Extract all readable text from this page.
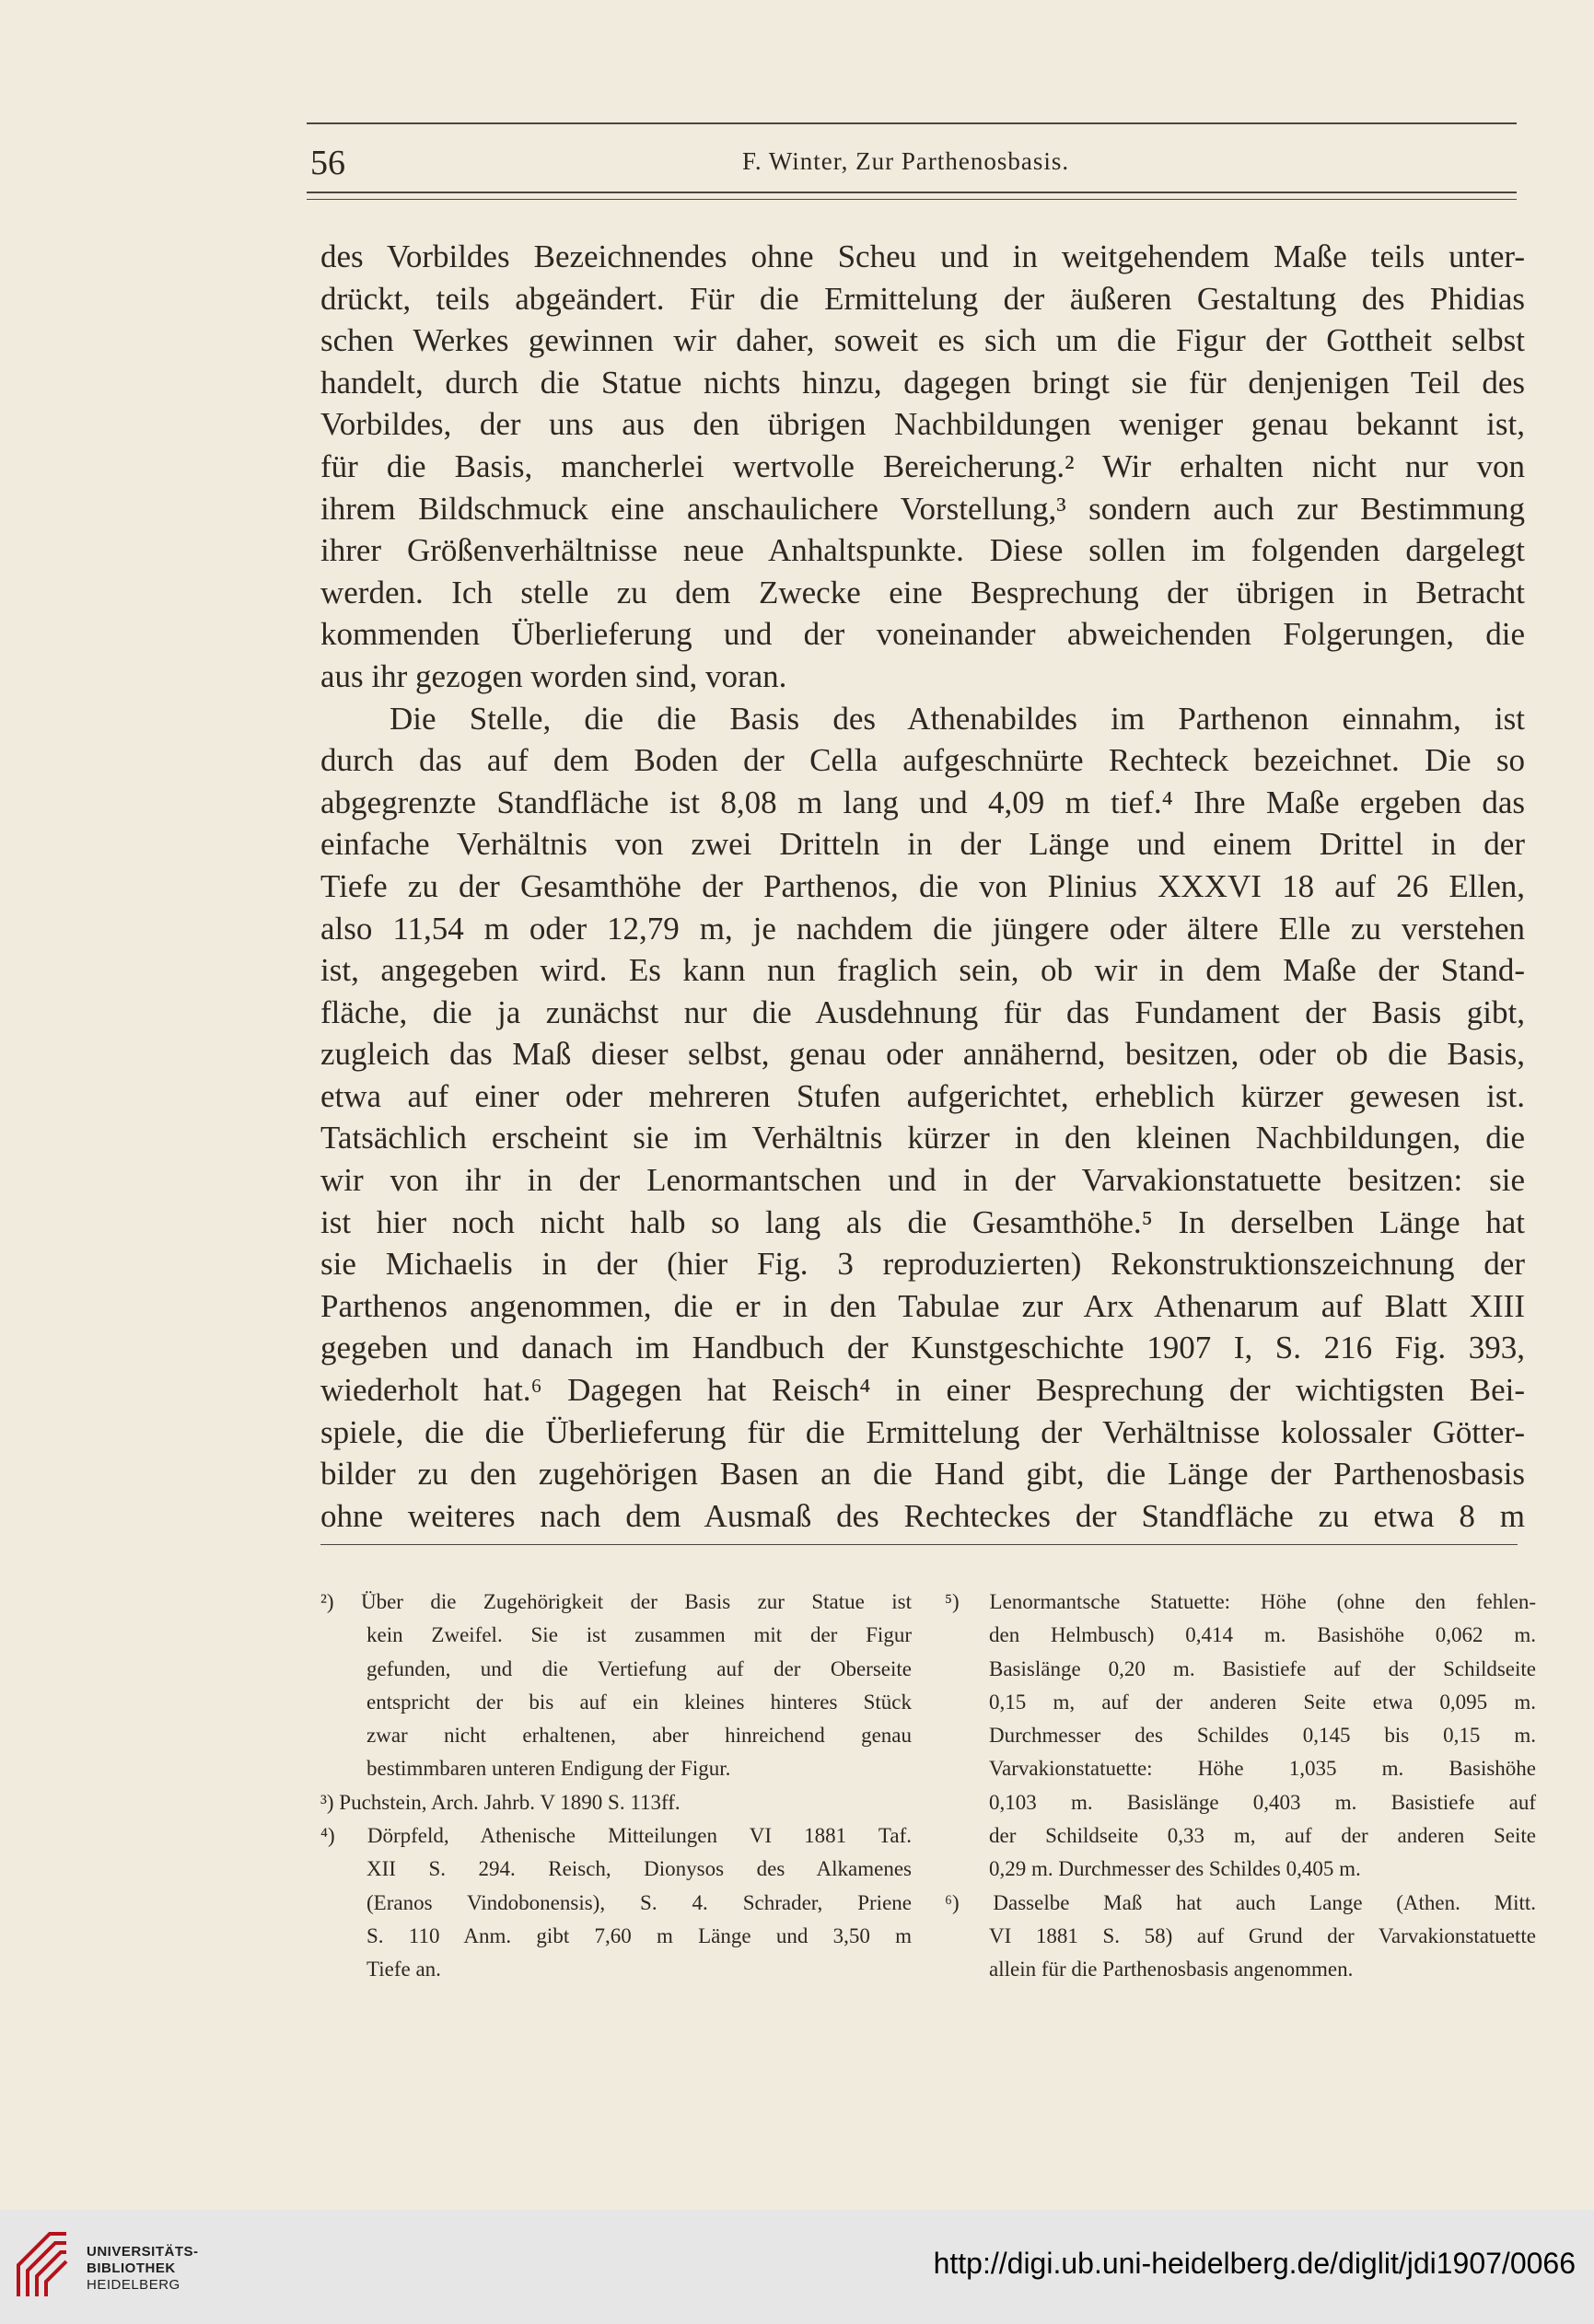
56	F. Winter, Zur Parthenosbasis.
des Vorbildes Bezeichnendes ohne Scheu und in weitgehendem Maße teils unter-
drückt, teils abgeändert. Für die Ermittelung der äußeren Gestaltung des Phidias
schen Werkes gewinnen wir daher, soweit es sich um die Figur der Gottheit selbst
handelt, durch die Statue nichts hinzu, dagegen bringt sie für denjenigen Teil des
Vorbildes, der uns aus den übrigen Nachbildungen weniger genau bekannt ist,
für die Basis, mancherlei wertvolle Bereicherung.² Wir erhalten nicht nur von
ihrem Bildschmuck eine anschaulichere Vorstellung,³ sondern auch zur Bestimmung
ihrer Größenverhältnisse neue Anhaltspunkte. Diese sollen im folgenden dargelegt
werden. Ich stelle zu dem Zwecke eine Besprechung der übrigen in Betracht
kommenden Überlieferung und der voneinander abweichenden Folgerungen, die
aus ihr gezogen worden sind, voran.
Die Stelle, die die Basis des Athenabildes im Parthenon einnahm, ist
durch das auf dem Boden der Cella aufgeschnürte Rechteck bezeichnet. Die so
abgegrenzte Standfläche ist 8,08 m lang und 4,09 m tief.⁴ Ihre Maße ergeben das
einfache Verhältnis von zwei Dritteln in der Länge und einem Drittel in der
Tiefe zu der Gesamthöhe der Parthenos, die von Plinius XXXVI 18 auf 26 Ellen,
also 11,54 m oder 12,79 m, je nachdem die jüngere oder ältere Elle zu verstehen
ist, angegeben wird. Es kann nun fraglich sein, ob wir in dem Maße der Stand-
fläche, die ja zunächst nur die Ausdehnung für das Fundament der Basis gibt,
zugleich das Maß dieser selbst, genau oder annähernd, besitzen, oder ob die Basis,
etwa auf einer oder mehreren Stufen aufgerichtet, erheblich kürzer gewesen ist.
Tatsächlich erscheint sie im Verhältnis kürzer in den kleinen Nachbildungen, die
wir von ihr in der Lenormantschen und in der Varvakionstatuette besitzen: sie
ist hier noch nicht halb so lang als die Gesamthöhe.⁵ In derselben Länge hat
sie Michaelis in der (hier Fig. 3 reproduzierten) Rekonstruktionszeichnung der
Parthenos angenommen, die er in den Tabulae zur Arx Athenarum auf Blatt XIII
gegeben und danach im Handbuch der Kunstgeschichte 1907 I, S. 216 Fig. 393,
wiederholt hat.⁶ Dagegen hat Reisch⁴ in einer Besprechung der wichtigsten Bei-
spiele, die die Überlieferung für die Ermittelung der Verhältnisse kolossaler Götter-
bilder zu den zugehörigen Basen an die Hand gibt, die Länge der Parthenosbasis
ohne weiteres nach dem Ausmaß des Rechteckes der Standfläche zu etwa 8 m
²) Über die Zugehörigkeit der Basis zur Statue ist
kein Zweifel. Sie ist zusammen mit der Figur
gefunden, und die Vertiefung auf der Oberseite
entspricht der bis auf ein kleines hinteres Stück
zwar nicht erhaltenen, aber hinreichend genau
bestimmbaren unteren Endigung der Figur.
³) Puchstein, Arch. Jahrb. V 1890 S. 113ff.
⁴) Dörpfeld, Athenische Mitteilungen VI 1881 Taf.
XII S. 294. Reisch, Dionysos des Alkamenes
(Eranos Vindobonensis), S. 4. Schrader, Priene
S. 110 Anm. gibt 7,60 m Länge und 3,50 m
Tiefe an.
⁵) Lenormantsche Statuette: Höhe (ohne den fehlen-
den Helmbusch) 0,414 m. Basishöhe 0,062 m.
Basislänge 0,20 m. Basistiefe auf der Schildseite
0,15 m, auf der anderen Seite etwa 0,095 m.
Durchmesser des Schildes 0,145 bis 0,15 m.
Varvakionstatuette: Höhe 1,035 m. Basishöhe
0,103 m. Basislänge 0,403 m. Basistiefe auf
der Schildseite 0,33 m, auf der anderen Seite
0,29 m. Durchmesser des Schildes 0,405 m.
⁶) Dasselbe Maß hat auch Lange (Athen. Mitt.
VI 1881 S. 58) auf Grund der Varvakionstatuette
allein für die Parthenosbasis angenommen.
UNIVERSITÄTS-
BIBLIOTHEK
HEIDELBERG
http://digi.ub.uni-heidelberg.de/diglit/jdi1907/0066
